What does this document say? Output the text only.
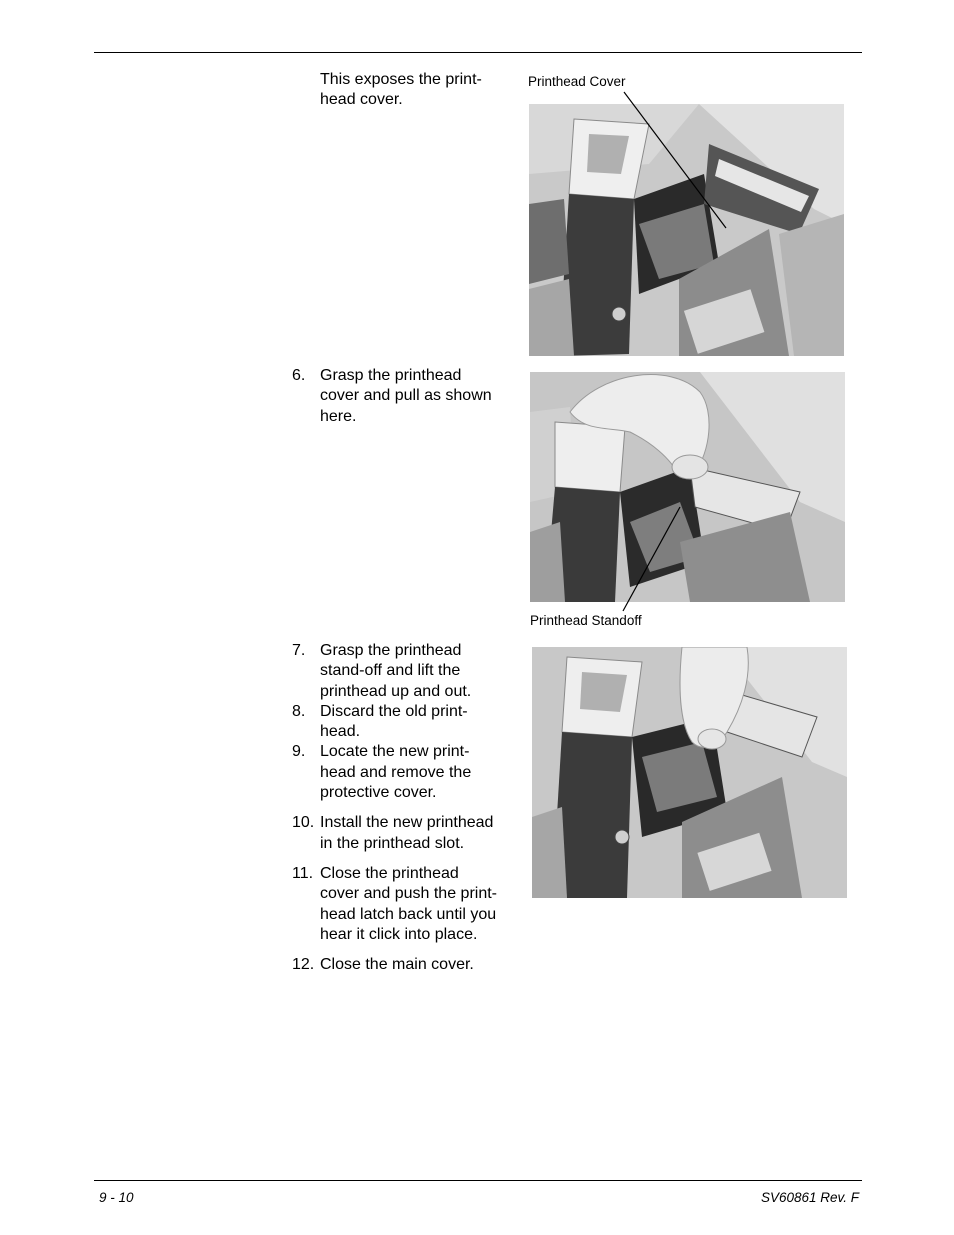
This exposes the print-
head cover.
6. Grasp the printhead
cover and pull as shown
here.
7. Grasp the printhead
stand-off and lift the
printhead up and out.
8. Discard the old print-
head.
9. Locate the new print-
head and remove the
protective cover.
10. Install the new printhead
in the printhead slot.
11. Close the printhead
cover and push the print-
head latch back until you
hear it click into place.
12. Close the main cover.
Printhead Cover
Printhead Standoff
9 - 10	SV60861 Rev. F
